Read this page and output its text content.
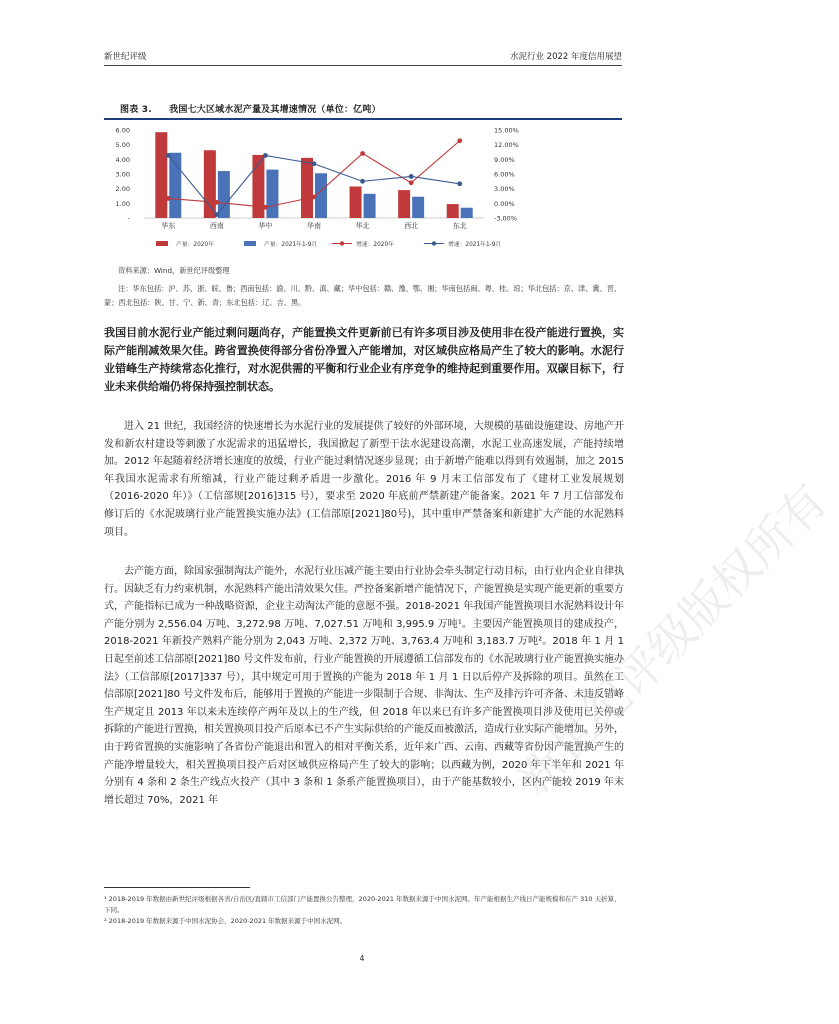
新世纪评级	水泥行业 2022 年度信用展望
图表 3. 我国七大区域水泥产量及其增速情况（单位：亿吨）
6.00
5.00
4.00
3.00
2.00
1.00
-
15.00%
12.00%
9.00%
6.00%
3.00%
0.00%
-3.00%
华东	西南	华中	华南	华北	西北	东北
产量：2020年	产量：2021年1-9月	增速：2020年	增速：2021年1-9月
资料来源：Wind，新世纪评级整理
注：华东包括：沪、苏、浙、皖、鲁；西南包括：渝、川、黔、滇、藏；华中包括：赣、豫、鄂、湘；华南包括闽、粤、桂、琼；华北包括：京、津、冀、晋、蒙；西北包括：陕、甘、宁、新、青；东北包括：辽、吉、黑。
我国目前水泥行业产能过剩问题尚存，产能置换文件更新前已有许多项目涉及使用非在役产能进行置换，实际产能削减效果欠佳。跨省置换使得部分省份净置入产能增加，对区域供应格局产生了较大的影响。水泥行业错峰生产持续常态化推行，对水泥供需的平衡和行业企业有序竞争的维持起到重要作用。双碳目标下，行业未来供给端仍将保持强控制状态。
进入 21 世纪，我国经济的快速增长为水泥行业的发展提供了较好的外部环境，大规模的基础设施建设、房地产开发和新农村建设等刺激了水泥需求的迅猛增长，我国掀起了新型干法水泥建设高潮，水泥工业高速发展，产能持续增加。2012 年起随着经济增长速度的放缓，行业产能过剩情况逐步显现；由于新增产能难以得到有效遏制，加之 2015 年我国水泥需求有所缩减，行业产能过剩矛盾进一步激化。2016 年 9 月末工信部发布了《建材工业发展规划（2016-2020 年）》（工信部规[2016]315 号），要求至 2020 年底前严禁新建产能备案。2021 年 7 月工信部发布修订后的《水泥玻璃行业产能置换实施办法》(工信部原[2021]80号)，其中重申严禁备案和新建扩大产能的水泥熟料项目。
去产能方面，除国家强制淘汰产能外，水泥行业压减产能主要由行业协会牵头制定行动目标，由行业内企业自律执行。因缺乏有力约束机制，水泥熟料产能出清效果欠佳。严控备案新增产能情况下，产能置换是实现产能更新的重要方式，产能指标已成为一种战略资源，企业主动淘汰产能的意愿不强。2018-2021 年我国产能置换项目水泥熟料设计年产能分别为 2,556.04 万吨、3,272.98 万吨、7,027.51 万吨和 3,995.9 万吨¹。主要因产能置换项目的建成投产，2018-2021 年新投产熟料产能分别为 2,043 万吨、2,372 万吨、3,763.4 万吨和 3,183.7 万吨²。2018 年 1 月 1 日起至前述工信部原[2021]80 号文件发布前，行业产能置换的开展遵循工信部发布的《水泥玻璃行业产能置换实施办法》（工信部原[2017]337 号），其中规定可用于置换的产能为 2018 年 1 月 1 日以后停产及拆除的项目。虽然在工信部原[2021]80 号文件发布后，能够用于置换的产能进一步限制于合规、非淘汰、生产及排污许可齐备、未违反错峰生产规定且 2013 年以来未连续停产两年及以上的生产线，但 2018 年以来已有许多产能置换项目涉及使用已关停或拆除的产能进行置换，相关置换项目投产后原本已不产生实际供给的产能反而被激活，造成行业实际产能增加。另外，由于跨省置换的实施影响了各省份产能退出和置入的相对平衡关系，近年来广西、云南、西藏等省份因产能置换产生的产能净增量较大，相关置换项目投产后对区域供应格局产生了较大的影响；以西藏为例，2020 年下半年和 2021 年分别有 4 条和 2 条生产线点火投产（其中 3 条和 1 条系产能置换项目），由于产能基数较小，区内产能较 2019 年末增长超过 70%，2021 年
¹ 2018-2019 年数据由新世纪评级根据各省/自治区/直辖市工信部门产能置换公告整理，2020-2021 年数据来源于中国水泥网。年产能根据生产线日产能规模和在产 310 天折算，下同。
² 2018-2019 年数据来源于中国水泥协会，2020-2021 年数据来源于中国水泥网。
4
新世纪评级版权所有
